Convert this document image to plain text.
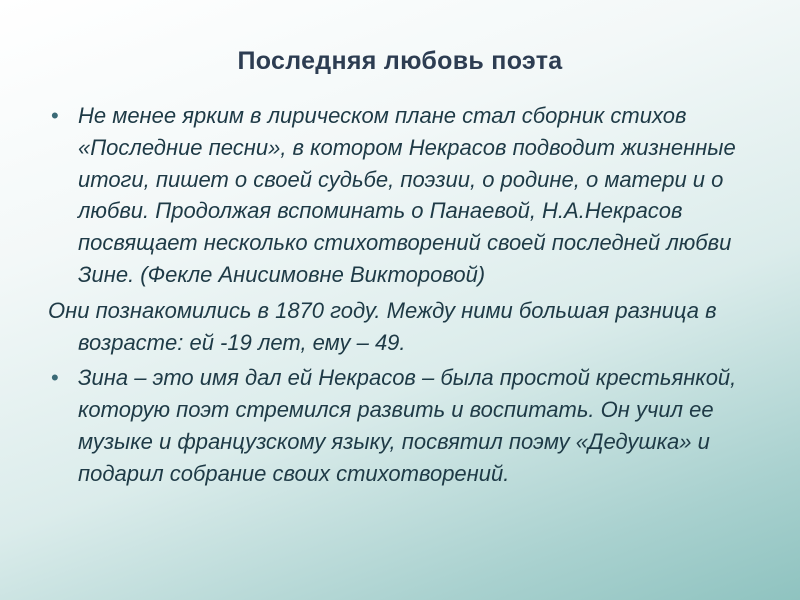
Последняя любовь поэта
• Не менее ярким в лирическом плане стал сборник стихов «Последние песни», в котором Некрасов подводит жизненные итоги, пишет о своей судьбе, поэзии, о родине, о матери и о любви. Продолжая вспоминать о Панаевой, Н.А.Некрасов посвящает несколько стихотворений своей последней любви Зине. (Фекле Анисимовне Викторовой)
Они познакомились в 1870 году. Между ними большая разница в возрасте: ей -19 лет, ему – 49.
• Зина – это имя дал ей Некрасов – была простой крестьянкой, которую поэт стремился развить и воспитать. Он учил ее музыке и французскому языку, посвятил поэму «Дедушка» и подарил собрание своих стихотворений.
